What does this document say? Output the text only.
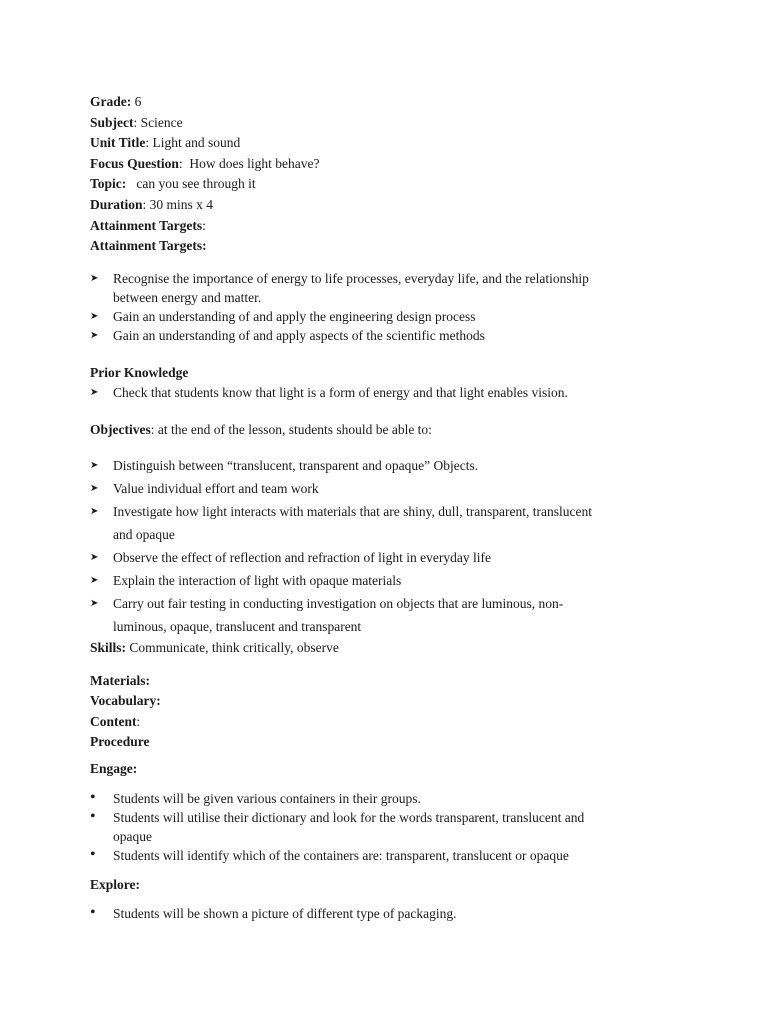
Grade: 6
Subject: Science
Unit Title: Light and sound
Focus Question:  How does light behave?
Topic:   can you see through it
Duration: 30 mins x 4
Attainment Targets:
Attainment Targets:
➤	Recognise the importance of energy to life processes, everyday life, and the relationship
between energy and matter.
➤	Gain an understanding of and apply the engineering design process
➤	Gain an understanding of and apply aspects of the scientific methods
Prior Knowledge
➤	Check that students know that light is a form of energy and that light enables vision.
Objectives: at the end of the lesson, students should be able to:
➤	Distinguish between “translucent, transparent and opaque” Objects.
➤	Value individual effort and team work
➤	Investigate how light interacts with materials that are shiny, dull, transparent, translucent
and opaque
➤	Observe the effect of reflection and refraction of light in everyday life
➤	Explain the interaction of light with opaque materials
➤	Carry out fair testing in conducting investigation on objects that are luminous, non-
luminous, opaque, translucent and transparent
Skills: Communicate, think critically, observe
Materials:
Vocabulary:
Content:
Procedure
Engage:
•	Students will be given various containers in their groups.
•	Students will utilise their dictionary and look for the words transparent, translucent and
opaque
•	Students will identify which of the containers are: transparent, translucent or opaque
Explore:
•	Students will be shown a picture of different type of packaging.
